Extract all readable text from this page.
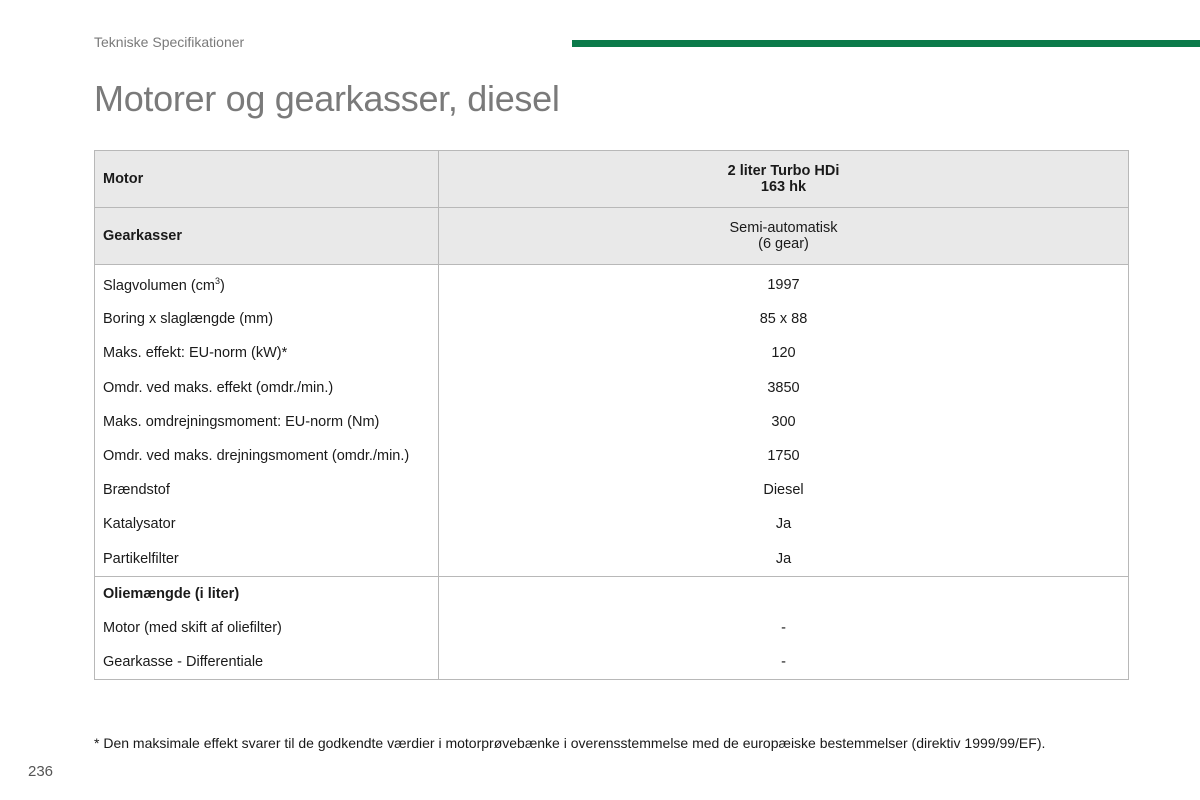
Tekniske Specifikationer
Motorer og gearkasser, diesel
Motor	2 liter Turbo HDi
163 hk

Gearkasser	Semi-automatisk
(6 gear)

Slagvolumen $(cm^3)$	1997
Boring x slaglængde (mm)	85 x 88
Maks. effekt: EU-norm (kW)*	120
Omdr. ved maks. effekt (omdr./min.)	3850
Maks. omdrejningsmoment: EU-norm (Nm)	300
Omdr. ved maks. drejningsmoment (omdr./min.)	1750
Brændstof	Diesel
Katalysator	Ja
Partikelfilter	Ja
Oliemængde (i liter)	
Motor (med skift af oliefilter)	-
Gearkasse - Differentiale	-
* Den maksimale effekt svarer til de godkendte værdier i motorprøvebænke i overensstemmelse med de europæiske bestemmelser (direktiv 1999/99/EF).
236
